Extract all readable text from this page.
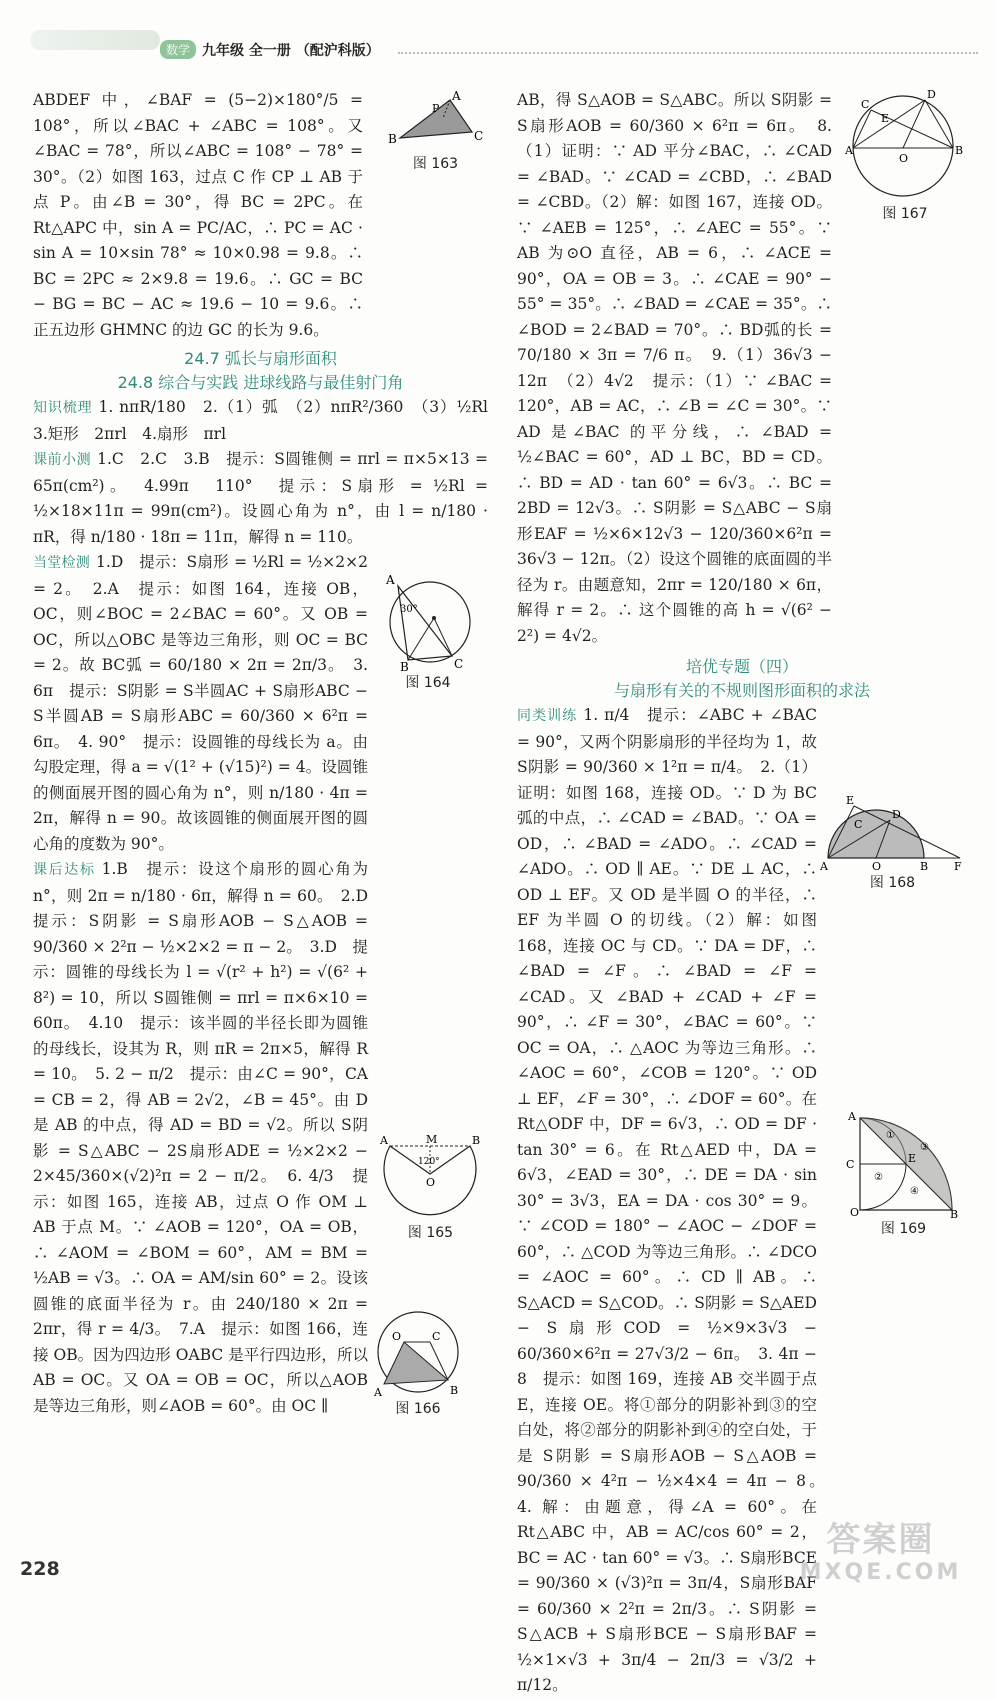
数学 九年级 全一册 （配沪科版）

ABDEF 中，∠BAF = (5−2)×180°/5 = 108°，所以∠BAC + ∠ABC = 108°。又∠BAC = 78°，所以∠ABC = 108° − 78° = 30°。（2）如图 163，过点 C 作 CP ⊥ AB 于点 P。由∠B = 30°，得 BC = 2PC。在 Rt△APC 中，sin A = PC/AC，∴ PC = AC · sin A = 10×sin 78° ≈ 10×0.98 = 9.8。∴ BC = 2PC ≈ 2×9.8 = 19.6。∴ GC = BC − BG = BC − AC ≈ 19.6 − 10 = 9.6。∴ 正五边形 GHMNC 的边 GC 的长为 9.6。

24.7 弧长与扇形面积
24.8 综合与实践 进球线路与最佳射门角

知识梳理 1. nπR/180　2.（1）弧　（2）nπR²/360　（3）½Rl　3.矩形　2πrl　4.扇形　πrl

课前小测 1.C　2.C　3.B　提示：S圆锥侧 = πrl = π×5×13 = 65π(cm²)。　4.99π　110°　提示：S扇形 = ½Rl = ½×18×11π = 99π(cm²)。设圆心角为 n°，由 l = n/180 · πR，得 n/180 · 18π = 11π，解得 n = 110。

当堂检测 1.D　提示：S扇形 = ½Rl = ½×2×2 = 2。　2.A　提示：如图 164，连接 OB，OC，则∠BOC = 2∠BAC = 60°。又 OB = OC，所以△OBC 是等边三角形，则 OC = BC = 2。故 BC弧 = 60/180 × 2π = 2π/3。　3. 6π　提示：S阴影 = S半圆AC + S扇形ABC − S半圆AB = S扇形ABC = 60/360 × 6²π = 6π。　4. 90°　提示：设圆锥的母线长为 a。由勾股定理，得 a = √(1² + (√15)²) = 4。设圆锥的侧面展开图的圆心角为 n°，则 n/180 · 4π = 2π，解得 n = 90。故该圆锥的侧面展开图的圆心角的度数为 90°。

课后达标 1.B　提示：设这个扇形的圆心角为 n°，则 2π = n/180 · 6π，解得 n = 60。　2.D　提示：S阴影 = S扇形AOB − S△AOB = 90/360 × 2²π − ½×2×2 = π − 2。　3.D　提示：圆锥的母线长为 l = √(r² + h²) = √(6² + 8²) = 10，所以 S圆锥侧 = πrl = π×6×10 = 60π。　4.10　提示：该半圆的半径长即为圆锥的母线长，设其为 R，则 πR = 2π×5，解得 R = 10。　5. 2 − π/2　提示：由∠C = 90°，CA = CB = 2，得 AB = 2√2，∠B = 45°。由 D 是 AB 的中点，得 AD = BD = √2。所以 S阴影 = S△ABC − 2S扇形ADE = ½×2×2 − 2×45/360×(√2)²π = 2 − π/2。　6. 4/3　提示：如图 165，连接 AB，过点 O 作 OM ⊥ AB 于点 M。∵ ∠AOB = 120°，OA = OB，∴ ∠AOM = ∠BOM = 60°，AM = BM = ½AB = √3。∴ OA = AM/sin 60° = 2。设该圆锥的底面半径为 r。由 240/180 × 2π = 2πr，得 r = 4/3。　7.A　提示：如图 166，连接 OB。因为四边形 OABC 是平行四边形，所以 AB = OC。又 OA = OB = OC，所以△AOB 是等边三角形，则∠AOB = 60°。由 OC ∥

AB，得 S△AOB = S△ABC。所以 S阴影 = S扇形AOB = 60/360 × 6²π = 6π。　8.（1）证明：∵ AD 平分∠BAC，∴ ∠CAD = ∠BAD。∵ ∠CAD = ∠CBD，∴ ∠BAD = ∠CBD。（2）解：如图 167，连接 OD。∵ ∠AEB = 125°，∴ ∠AEC = 55°。∵ AB 为⊙O 直径，AB = 6，∴ ∠ACE = 90°，OA = OB = 3。∴ ∠CAE = 90° − 55° = 35°。∴ ∠BAD = ∠CAE = 35°。∴ ∠BOD = 2∠BAD = 70°。∴ BD弧的长 = 70/180 × 3π = 7/6 π。　9.（1）36√3 − 12π　（2）4√2　提示：（1）∵ ∠BAC = 120°，AB = AC，∴ ∠B = ∠C = 30°。∵ AD 是∠BAC 的平分线，∴ ∠BAD = ½∠BAC = 60°，AD ⊥ BC，BD = CD。∴ BD = AD · tan 60° = 6√3。∴ BC = 2BD = 12√3。∴ S阴影 = S△ABC − S扇形EAF = ½×6×12√3 − 120/360×6²π = 36√3 − 12π。（2）设这个圆锥的底面圆的半径为 r。由题意知，2πr = 120/180 × 6π，解得 r = 2。∴ 这个圆锥的高 h = √(6² − 2²) = 4√2。

培优专题（四）
与扇形有关的不规则图形面积的求法

同类训练 1. π/4　提示：∠ABC + ∠BAC = 90°，又两个阴影扇形的半径均为 1，故 S阴影 = 90/360 × 1²π = π/4。　2.（1）证明：如图 168，连接 OD。∵ D 为 BC弧的中点，∴ ∠CAD = ∠BAD。∵ OA = OD，∴ ∠BAD = ∠ADO。∴ ∠CAD = ∠ADO。∴ OD ∥ AE。∵ DE ⊥ AC，∴ OD ⊥ EF。又 OD 是半圆 O 的半径，∴ EF 为半圆 O 的切线。（2）解：如图 168，连接 OC 与 CD。∵ DA = DF，∴ ∠BAD = ∠F。∴ ∠BAD = ∠F = ∠CAD。又 ∠BAD + ∠CAD + ∠F = 90°，∴ ∠F = 30°，∠BAC = 60°。∵ OC = OA，∴ △AOC 为等边三角形。∴ ∠AOC = 60°，∠COB = 120°。∵ OD ⊥ EF，∠F = 30°，∴ ∠DOF = 60°。在 Rt△ODF 中，DF = 6√3，∴ OD = DF · tan 30° = 6。在 Rt△AED 中，DA = 6√3，∠EAD = 30°，∴ DE = DA · sin 30° = 3√3，EA = DA · cos 30° = 9。∵ ∠COD = 180° − ∠AOC − ∠DOF = 60°，∴ △COD 为等边三角形。∴ ∠DCO = ∠AOC = 60°。∴ CD ∥ AB。∴ S△ACD = S△COD。∴ S阴影 = S△AED − S扇形COD = ½×9×3√3 − 60/360×6²π = 27√3/2 − 6π。　3. 4π − 8　提示：如图 169，连接 AB 交半圆于点 E，连接 OE。将①部分的阴影补到③的空白处，将②部分的阴影补到④的空白处，于是 S阴影 = S扇形AOB − S△AOB = 90/360 × 4²π − ½×4×4 = 4π − 8。　4. 解：由题意，得∠A = 60°。在 Rt△ABC 中，AB = AC/cos 60° = 2，BC = AC · tan 60° = √3。∴ S扇形BCE = 90/360 × (√3)²π = 3π/4，S扇形BAF = 60/360 × 2²π = 2π/3。∴ S阴影 = S△ACB + S扇形BCE − S扇形BAF = ½×1×√3 + 3π/4 − 2π/3 = √3/2 + π/12。

B
A
C
P
图 163
A
B	C
30°
图 164
A	M	B
120°
O
图 165
O	C
A	B
图 166
D
E
A	B
O
C
图 167
E
D
F
A	O
C
B
图 168
A
C
O	B
E
①
②
③
④
图 169
228
答案圈
MXQE.COM
